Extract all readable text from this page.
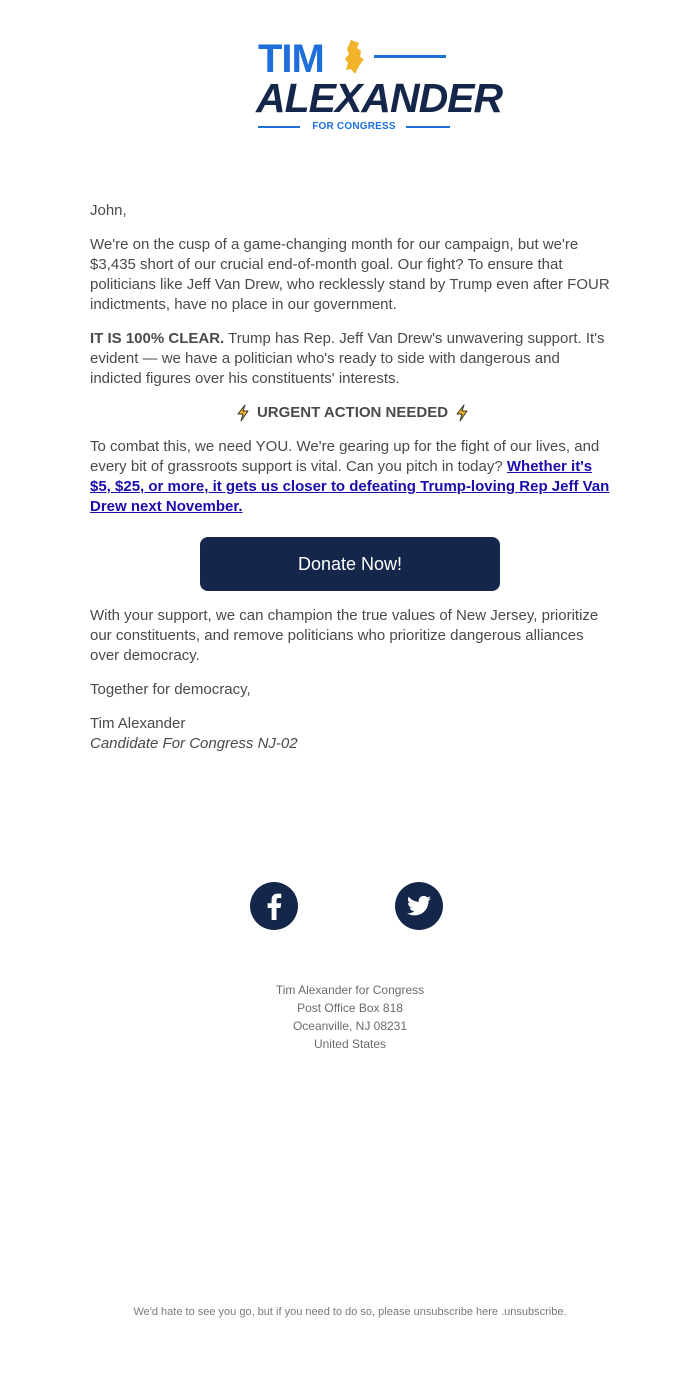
TIM
ALEXANDER
FOR CONGRESS

John,

We're on the cusp of a game-changing month for our campaign, but we're $3,435 short of our crucial end-of-month goal. Our fight? To ensure that politicians like Jeff Van Drew, who recklessly stand by Trump even after FOUR indictments, have no place in our government.

IT IS 100% CLEAR. Trump has Rep. Jeff Van Drew's unwavering support. It's evident — we have a politician who's ready to side with dangerous and indicted figures over his constituents' interests.

URGENT ACTION NEEDED

To combat this, we need YOU. We're gearing up for the fight of our lives, and every bit of grassroots support is vital. Can you pitch in today? Whether it's $5, $25, or more, it gets us closer to defeating Trump-loving Rep Jeff Van Drew next November.

Donate Now!

With your support, we can champion the true values of New Jersey, prioritize our constituents, and remove politicians who prioritize dangerous alliances over democracy.

Together for democracy,

Tim Alexander

Candidate For Congress NJ-02

Tim Alexander for Congress
Post Office Box 818
Oceanville, NJ 08231
United States
We'd hate to see you go, but if you need to do so, please unsubscribe here .unsubscribe.
